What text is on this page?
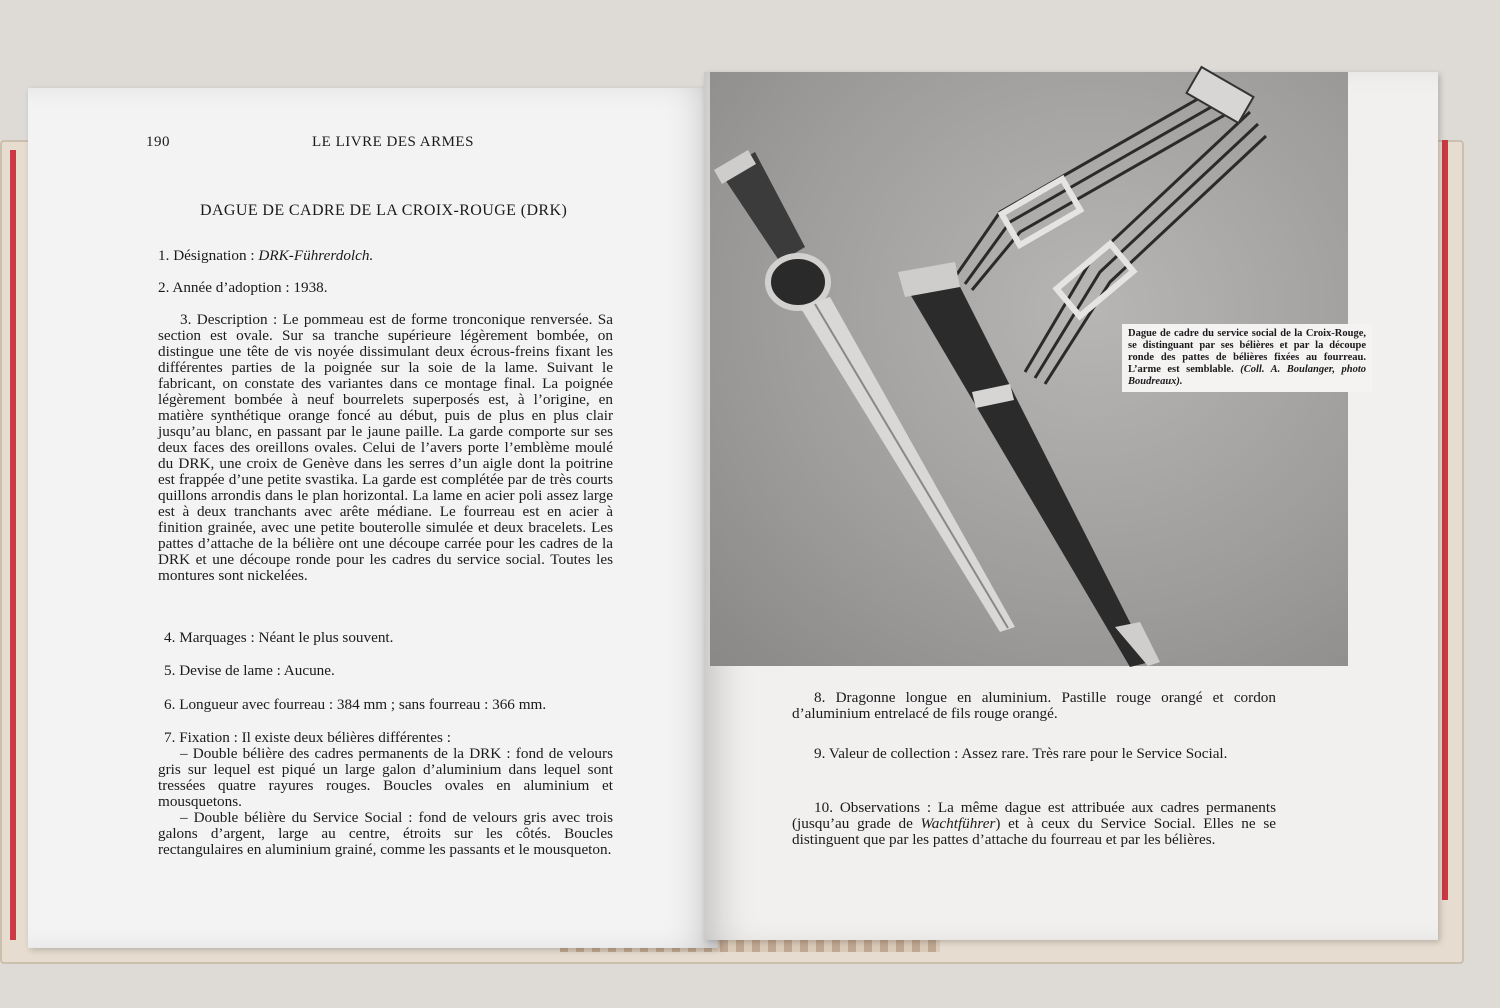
190	LE LIVRE DES ARMES
DAGUE DE CADRE DE LA CROIX-ROUGE (DRK)
1. Désignation : DRK-Führerdolch.
2. Année d’adoption : 1938.
3. Description : Le pommeau est de forme tronconique renversée. Sa section est ovale. Sur sa tranche supérieure légèrement bombée, on distingue une tête de vis noyée dissimulant deux écrous-freins fixant les différentes parties de la poignée sur la soie de la lame. Suivant le fabricant, on constate des variantes dans ce montage final. La poignée légèrement bombée à neuf bourrelets superposés est, à l’origine, en matière synthétique orange foncé au début, puis de plus en plus clair jusqu’au blanc, en passant par le jaune paille. La garde comporte sur ses deux faces des oreillons ovales. Celui de l’avers porte l’emblème moulé du DRK, une croix de Genève dans les serres d’un aigle dont la poitrine est frappée d’une petite svastika. La garde est complétée par de très courts quillons arrondis dans le plan horizontal. La lame en acier poli assez large est à deux tranchants avec arête médiane. Le fourreau est en acier à finition grainée, avec une petite bouterolle simulée et deux bracelets. Les pattes d’attache de la bélière ont une découpe carrée pour les cadres de la DRK et une découpe ronde pour les cadres du service social. Toutes les montures sont nickelées.
4. Marquages : Néant le plus souvent.
5. Devise de lame : Aucune.
6. Longueur avec fourreau : 384 mm ; sans fourreau : 366 mm.
7. Fixation : Il existe deux bélières différentes :
– Double bélière des cadres permanents de la DRK : fond de velours gris sur lequel est piqué un large galon d’aluminium dans lequel sont tressées quatre rayures rouges. Boucles ovales en aluminium et mousquetons.
– Double bélière du Service Social : fond de velours gris avec trois galons d’argent, large au centre, étroits sur les côtés. Boucles rectangulaires en aluminium grainé, comme les passants et le mousqueton.
Dague de cadre du service social de la Croix-Rouge, se distinguant par ses bélières et par la découpe ronde des pattes de bélières fixées au fourreau. L’arme est semblable. (Coll. A. Boulanger, photo Boudreaux).
8. Dragonne longue en aluminium. Pastille rouge orangé et cordon d’aluminium entrelacé de fils rouge orangé.
9. Valeur de collection : Assez rare. Très rare pour le Service Social.
10. Observations : La même dague est attribuée aux cadres permanents (jusqu’au grade de Wachtführer) et à ceux du Service Social. Elles ne se distinguent que par les pattes d’attache du fourreau et par les bélières.
